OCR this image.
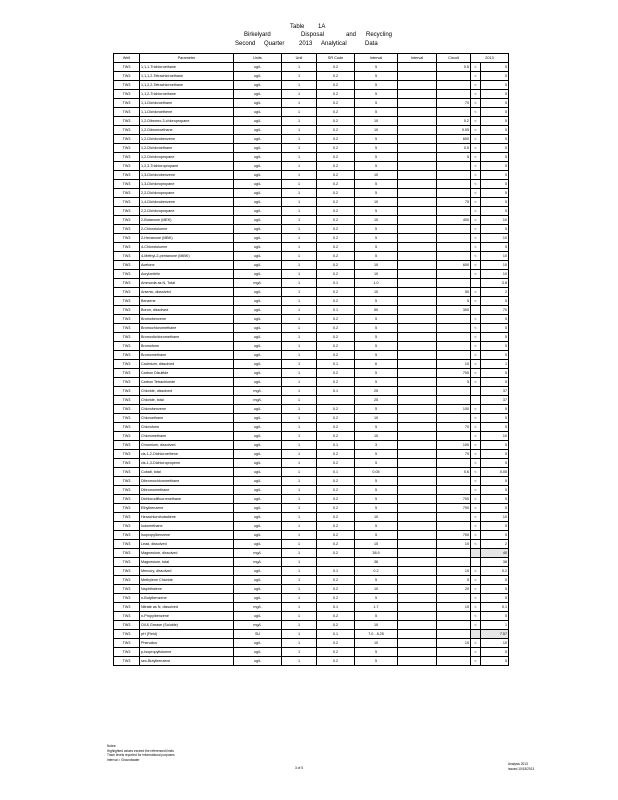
Table 1A
Birkelyard	Disposal	and Recycling
Second Quarter 2013 Analytical	Data
Well	Parameter	Units	Unit	SR Code	Interval	Interval	Circuit	2013	
TW3	1,1,1-Trichloroethane	ug/L	1	0.2	5		0.5	<	5
TW3	1,1,1,2-Tetrachloroethane	ug/L	1	0.2	5			<	5
TW3	1,1,2,2-Tetrachloroethane	ug/L	1	0.2	5			<	5
TW3	1,1,2-Trichloroethane	ug/L	1	0.2	5			<	5
TW3	1,1-Dichloroethane	ug/L	1	0.2	5		70	<	5
TW3	1,1-Dichloroethene	ug/L	1	0.2	5			<	5
TW3	1,2-Dibromo-3-chloropropane	ug/L	1	0.2	10		0.2	<	5
TW3	1,2-Dibromoethane	ug/L	1	0.2	10		0.05	<	5
TW3	1,2-Dichlorobenzene	ug/L	1	0.2	5		600	<	5
TW3	1,2-Dichloroethane	ug/L	1	0.2	5		0.5	<	5
TW3	1,2-Dichloropropane	ug/L	1	0.2	5		5	<	5
TW3	1,2,3-Trichloropropane	ug/L	1	0.2	5			<	5
TW3	1,3-Dichlorobenzene	ug/L	1	0.2	10			<	5
TW3	1,3-Dichloropropane	ug/L	1	0.2	5			<	5
TW3	2,2-Dichloropropane	ug/L	1	0.2	5			<	5
TW3	1,4-Dichlorobenzene	ug/L	1	0.2	10		75	<	5
TW3	2,2-Dichloropropane	ug/L	1	0.2	5			<	5
TW3	2-Butanone (MEK)	ug/L	1	0.2	10		400	<	10
TW3	2-Chlorotoluene	ug/L	1	0.2	5			<	5
TW3	2-Hexanone (MBK)	ug/L	1	0.2	5			<	10
TW3	4-Chlorotoluene	ug/L	1	0.2	5			<	5
TW3	4-Methyl-2-pentanone (MIBK)	ug/L	1	0.2	5			<	10
TW3	Acetone	ug/L	1	0.2	10		600	<	10
TW3	Acrylonitrile	ug/L	1	0.2	10			<	10
TW3	Ammonia as N, Total	mg/L	1	0.1	1.0				3.8
TW3	Arsenic, dissolved	ug/L	1	0.2	10		50	<	2
TW3	Benzene	ug/L	1	0.2	5		5	<	5
TW3	Boron, dissolved	ug/L	1	0.1	50		300		70
TW3	Bromobenzene	ug/L	1	0.2	5			<	5
TW3	Bromochloromethane	ug/L	1	0.2	5			<	5
TW3	Bromodichloromethane	ug/L	1	0.2	5			<	5
TW3	Bromoform	ug/L	1	0.2	5			<	5
TW3	Bromomethane	ug/L	1	0.2	5			<	5
TW3	Cadmium, dissolved	ug/L	1	0.1	6		10	<	1
TW3	Carbon Disulfide	ug/L	1	0.2	5		700	<	5
TW3	Carbon Tetrachloride	ug/L	1	0.2	5		5	<	5
TW3	Chloride, dissolved	mg/L	1	0.1	25				37
TW3	Chloride, total	mg/L	1		25				37
TW3	Chlorobenzene	ug/L	1	0.2	5		100	<	5
TW3	Chloroethane	ug/L	1	0.2	10			<	5
TW3	Chloroform	ug/L	1	0.2	5		70	<	5
TW3	Chloromethane	ug/L	1	0.2	10			<	10
TW3	Chromium, dissolved	ug/L	1	0.1	3		100	<	5
TW3	cis-1,2-Dichloroethene	ug/L	1	0.2	5		70	<	5
TW3	cis-1,3-Dichloropropene	ug/L	1	0.2	5			<	5
TW3	Cobalt, total	ug/L	1	0.1	0.05		0.6	<	0.05
TW3	Dibromochloromethane	ug/L	1	0.2	5			<	5
TW3	Dibromomethane	ug/L	1	0.2	5			<	5
TW3	Dichlorodifluoromethane	ug/L	1	0.2	5		700	<	5
TW3	Ethylbenzene	ug/L	1	0.2	5		700	<	5
TW3	Hexachlorobutadiene	ug/L	1	0.2	10			<	10
TW3	Iodomethane	ug/L	1	0.2	5			<	5
TW3	Isopropylbenzene	ug/L	1	0.2	5		700	<	5
TW3	Lead, dissolved	ug/L	1	0.2	15		10	<	2
TW3	Magnesium, dissolved	mg/L	1	0.2	38.9				40
TW3	Magnesium, total	mg/L	1		38				38
TW3	Mercury, dissolved	ug/L	1	0.1	0.2		10	<	0.2
TW3	Methylene Chloride	ug/L	1	0.2	5		5	<	5
TW3	Naphthalene	ug/L	1	0.2	10		20	<	5
TW3	n-Butylbenzene	ug/L	1	0.2	5			<	5
TW3	Nitrate as N, dissolved	mg/L	1	0.1	1.7		10	<	0.1
TW3	n-Propylbenzene	ug/L	1	0.2	5			<	5
TW3	Oil & Grease (Soluble)	mg/L	1	0.2	10			<	1
TW3	pH (Field)	SU	1	0.1	7.0 - 8.25				7.57
TW3	Phenolics	ug/L	1	0.2	10		10	<	10
TW3	p-Isopropyltoluene	ug/L	1	0.2	5			<	5
TW3	sec-Butylbenzene	ug/L	1	0.2	5			<	5
Notes:
Highlighted values exceed the referenced limits
Trace levels reported for informational purposes
Interval = Groundwater
3 of 5
Analysis 2013
Issued 10/15/2013
